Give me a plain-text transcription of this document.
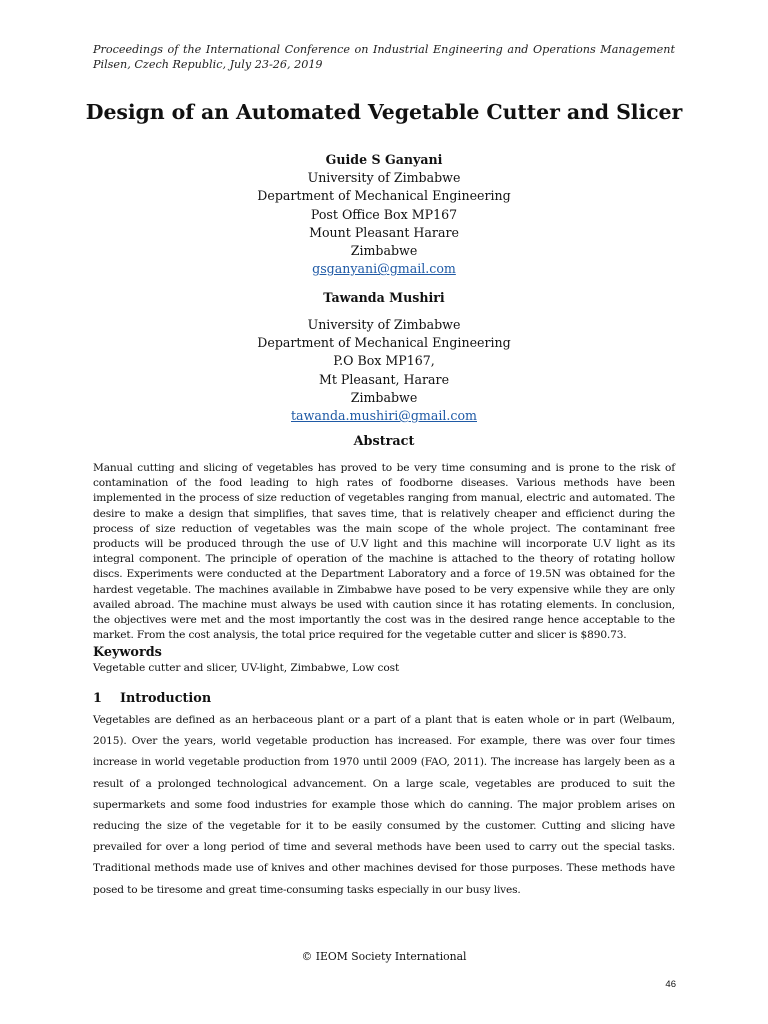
Proceedings of the International Conference on Industrial Engineering and Operations Management
Pilsen, Czech Republic, July 23-26, 2019
Design of an Automated Vegetable Cutter and Slicer
Guide S Ganyani
University of Zimbabwe
Department of Mechanical Engineering
Post Office Box MP167
Mount Pleasant Harare
Zimbabwe
gsganyani@gmail.com
Tawanda Mushiri
University of Zimbabwe
Department of Mechanical Engineering
P.O Box MP167,
Mt Pleasant, Harare
Zimbabwe
tawanda.mushiri@gmail.com
Abstract
Manual cutting and slicing of vegetables has proved to be very time consuming and is prone to the risk of contamination of the food leading to high rates of foodborne diseases. Various methods have been implemented in the process of size reduction of vegetables ranging from manual, electric and automated. The desire to make a design that simplifies, that saves time, that is relatively cheaper and efficienct during the process of size reduction of vegetables was the main scope of the whole project. The contaminant free products will be produced through the use of U.V light and this machine will incorporate U.V light as its integral component. The principle of operation of the machine is attached to the theory of rotating hollow discs. Experiments were conducted at the Department Laboratory and a force of 19.5N was obtained for the hardest vegetable. The machines available in Zimbabwe have posed to be very expensive while they are only availed abroad. The machine must always be used with caution since it has rotating elements. In conclusion, the objectives were met and the most importantly the cost was in the desired range hence acceptable to the market. From the cost analysis, the total price required for the vegetable cutter and slicer is $890.73.
Keywords
Vegetable cutter and slicer, UV-light, Zimbabwe, Low cost
1 Introduction
Vegetables are defined as an herbaceous plant or a part of a plant that is eaten whole or in part (Welbaum, 2015). Over the years, world vegetable production has increased. For example, there was over four times increase in world vegetable production from 1970 until 2009 (FAO, 2011). The increase has largely been as a result of a prolonged technological advancement. On a large scale, vegetables are produced to suit the supermarkets and some food industries for example those which do canning. The major problem arises on reducing the size of the vegetable for it to be easily consumed by the customer. Cutting and slicing have prevailed for over a long period of time and several methods have been used to carry out the special tasks. Traditional methods made use of knives and other machines devised for those purposes. These methods have posed to be tiresome and great time-consuming tasks especially in our busy lives.
© IEOM Society International
46
